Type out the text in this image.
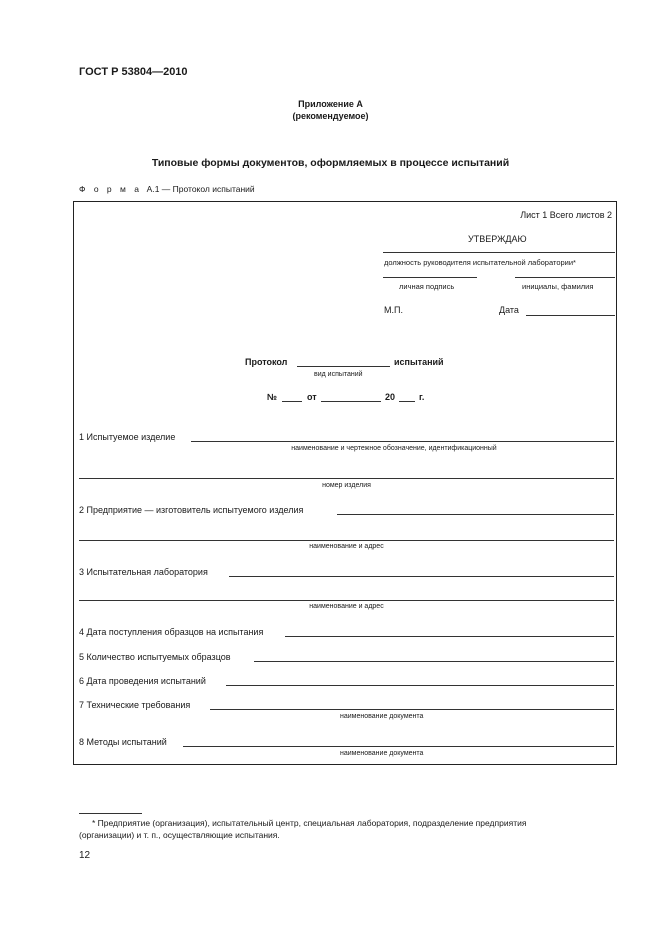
ГОСТ Р 53804—2010
Приложение А
(рекомендуемое)
Типовые формы документов, оформляемых в процессе испытаний
Ф о р м а А.1 — Протокол испытаний
Лист 1 Всего листов 2
УТВЕРЖДАЮ
должность руководителя испытательной лаборатории*
личная подпись	инициалы, фамилия
М.П.	Дата
Протокол	испытаний
вид испытаний
№	от	20	г.
1 Испытуемое изделие
наименование и чертежное обозначение, идентификационный
номер изделия
2 Предприятие — изготовитель испытуемого изделия
наименование и адрес
3 Испытательная лаборатория
наименование и адрес
4 Дата поступления образцов на испытания
5 Количество испытуемых образцов
6 Дата проведения испытаний
7 Технические требования
наименование документа
8 Методы испытаний
наименование документа
* Предприятие (организация), испытательный центр, специальная лаборатория, подразделение предприятия
(организации) и т. п., осуществляющие испытания.
12
